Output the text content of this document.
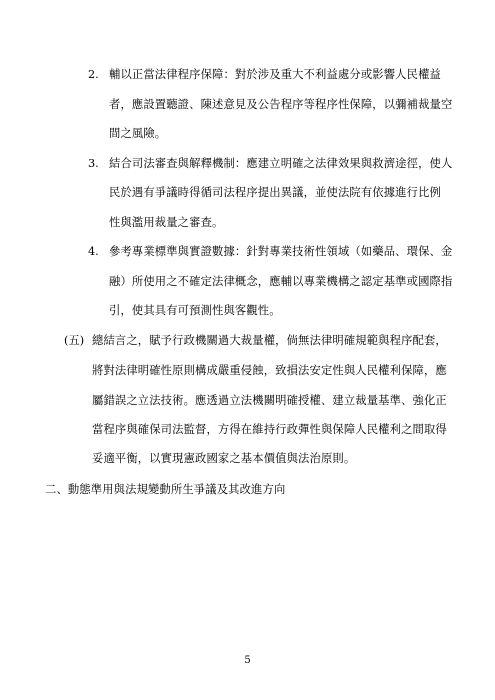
2. 輔以正當法律程序保障：對於涉及重大不利益處分或影響人民權益
者，應設置聽證、陳述意見及公告程序等程序性保障，以彌補裁量空
間之風險。
3. 結合司法審查與解釋機制：應建立明確之法律效果與救濟途徑，使人
民於遇有爭議時得循司法程序提出異議，並使法院有依據進行比例
性與濫用裁量之審查。
4. 參考專業標準與實證數據：針對專業技術性領域（如藥品、環保、金
融）所使用之不確定法律概念，應輔以專業機構之認定基準或國際指
引，使其具有可預測性與客觀性。
(五) 總結言之，賦予行政機關過大裁量權，倘無法律明確規範與程序配套，
將對法律明確性原則構成嚴重侵蝕，致損法安定性與人民權利保障，應
屬錯誤之立法技術。應透過立法機關明確授權、建立裁量基準、強化正
當程序與確保司法監督，方得在維持行政彈性與保障人民權利之間取得
妥適平衡，以實現憲政國家之基本價值與法治原則。
二、動態準用與法規變動所生爭議及其改進方向
5
